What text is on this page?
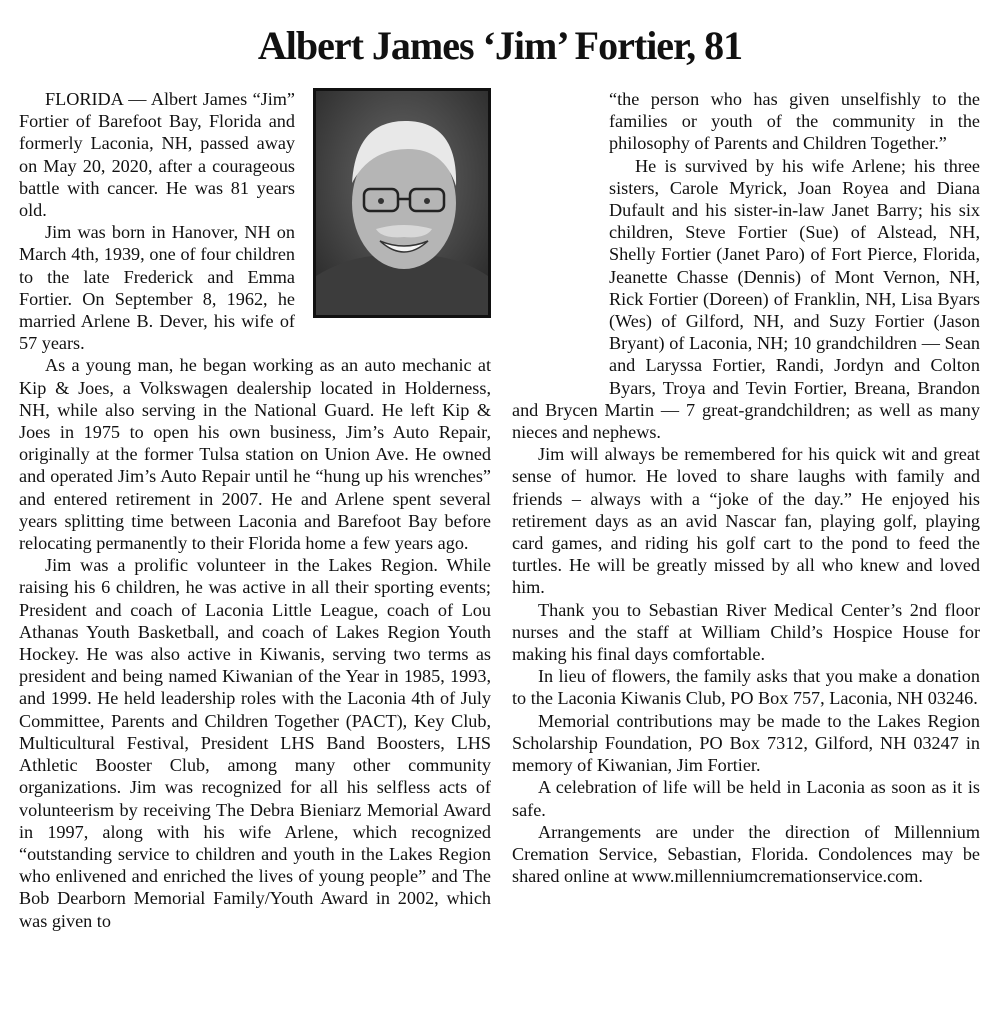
Albert James ‘Jim’ Fortier, 81

FLORIDA — Albert James “Jim” Fortier of Barefoot Bay, Florida and formerly Laconia, NH, passed away on May 20, 2020, after a courageous battle with cancer. He was 81 years old.

Jim was born in Hanover, NH on March 4th, 1939, one of four children to the late Frederick and Emma Fortier. On September 8, 1962, he married Arlene B. Dever, his wife of 57 years.

As a young man, he began working as an auto mechanic at Kip & Joes, a Volkswagen dealership located in Holderness, NH, while also serving in the National Guard. He left Kip & Joes in 1975 to open his own business, Jim’s Auto Repair, originally at the former Tulsa station on Union Ave. He owned and operated Jim’s Auto Repair until he “hung up his wrenches” and entered retirement in 2007. He and Arlene spent several years splitting time between Laconia and Barefoot Bay before relocating permanently to their Florida home a few years ago.

Jim was a prolific volunteer in the Lakes Region. While raising his 6 children, he was active in all their sporting events; President and coach of Laconia Little League, coach of Lou Athanas Youth Basketball, and coach of Lakes Region Youth Hockey. He was also active in Kiwanis, serving two terms as president and being named Kiwanian of the Year in 1985, 1993, and 1999. He held leadership roles with the Laconia 4th of July Committee, Parents and Children Together (PACT), Key Club, Multicultural Festival, President LHS Band Boosters, LHS Athletic Booster Club, among many other community organizations. Jim was recognized for all his selfless acts of volunteerism by receiving The Debra Bieniarz Memorial Award in 1997, along with his wife Arlene, which recognized “outstanding service to children and youth in the Lakes Region who enlivened and enriched the lives of young people” and The Bob Dearborn Memorial Family/Youth Award in 2002, which was given to

“the person who has given unselfishly to the families or youth of the community in the philosophy of Parents and Children Together.”

He is survived by his wife Arlene; his three sisters, Carole Myrick, Joan Royea and Diana Dufault and his sister-in-law Janet Barry; his six children, Steve Fortier (Sue) of Alstead, NH, Shelly Fortier (Janet Paro) of Fort Pierce, Florida, Jeanette Chasse (Dennis) of Mont Vernon, NH, Rick Fortier (Doreen) of Franklin, NH, Lisa Byars (Wes) of Gilford, NH, and Suzy Fortier (Jason Bryant) of Laconia, NH; 10 grandchildren — Sean and Laryssa Fortier, Randi, Jordyn and Colton Byars, Troya and Tevin Fortier, Breana, Brandon and Brycen Martin — 7 great-grandchildren; as well as many nieces and nephews.

Jim will always be remembered for his quick wit and great sense of humor. He loved to share laughs with family and friends – always with a “joke of the day.” He enjoyed his retirement days as an avid Nascar fan, playing golf, playing card games, and riding his golf cart to the pond to feed the turtles. He will be greatly missed by all who knew and loved him.

Thank you to Sebastian River Medical Center’s 2nd floor nurses and the staff at William Child’s Hospice House for making his final days comfortable.

In lieu of flowers, the family asks that you make a donation to the Laconia Kiwanis Club, PO Box 757, Laconia, NH 03246.

Memorial contributions may be made to the Lakes Region Scholarship Foundation, PO Box 7312, Gilford, NH 03247 in memory of Kiwanian, Jim Fortier.

A celebration of life will be held in Laconia as soon as it is safe.

Arrangements are under the direction of Millennium Cremation Service, Sebastian, Florida. Condolences may be shared online at www.millenniumcremationservice.com.
